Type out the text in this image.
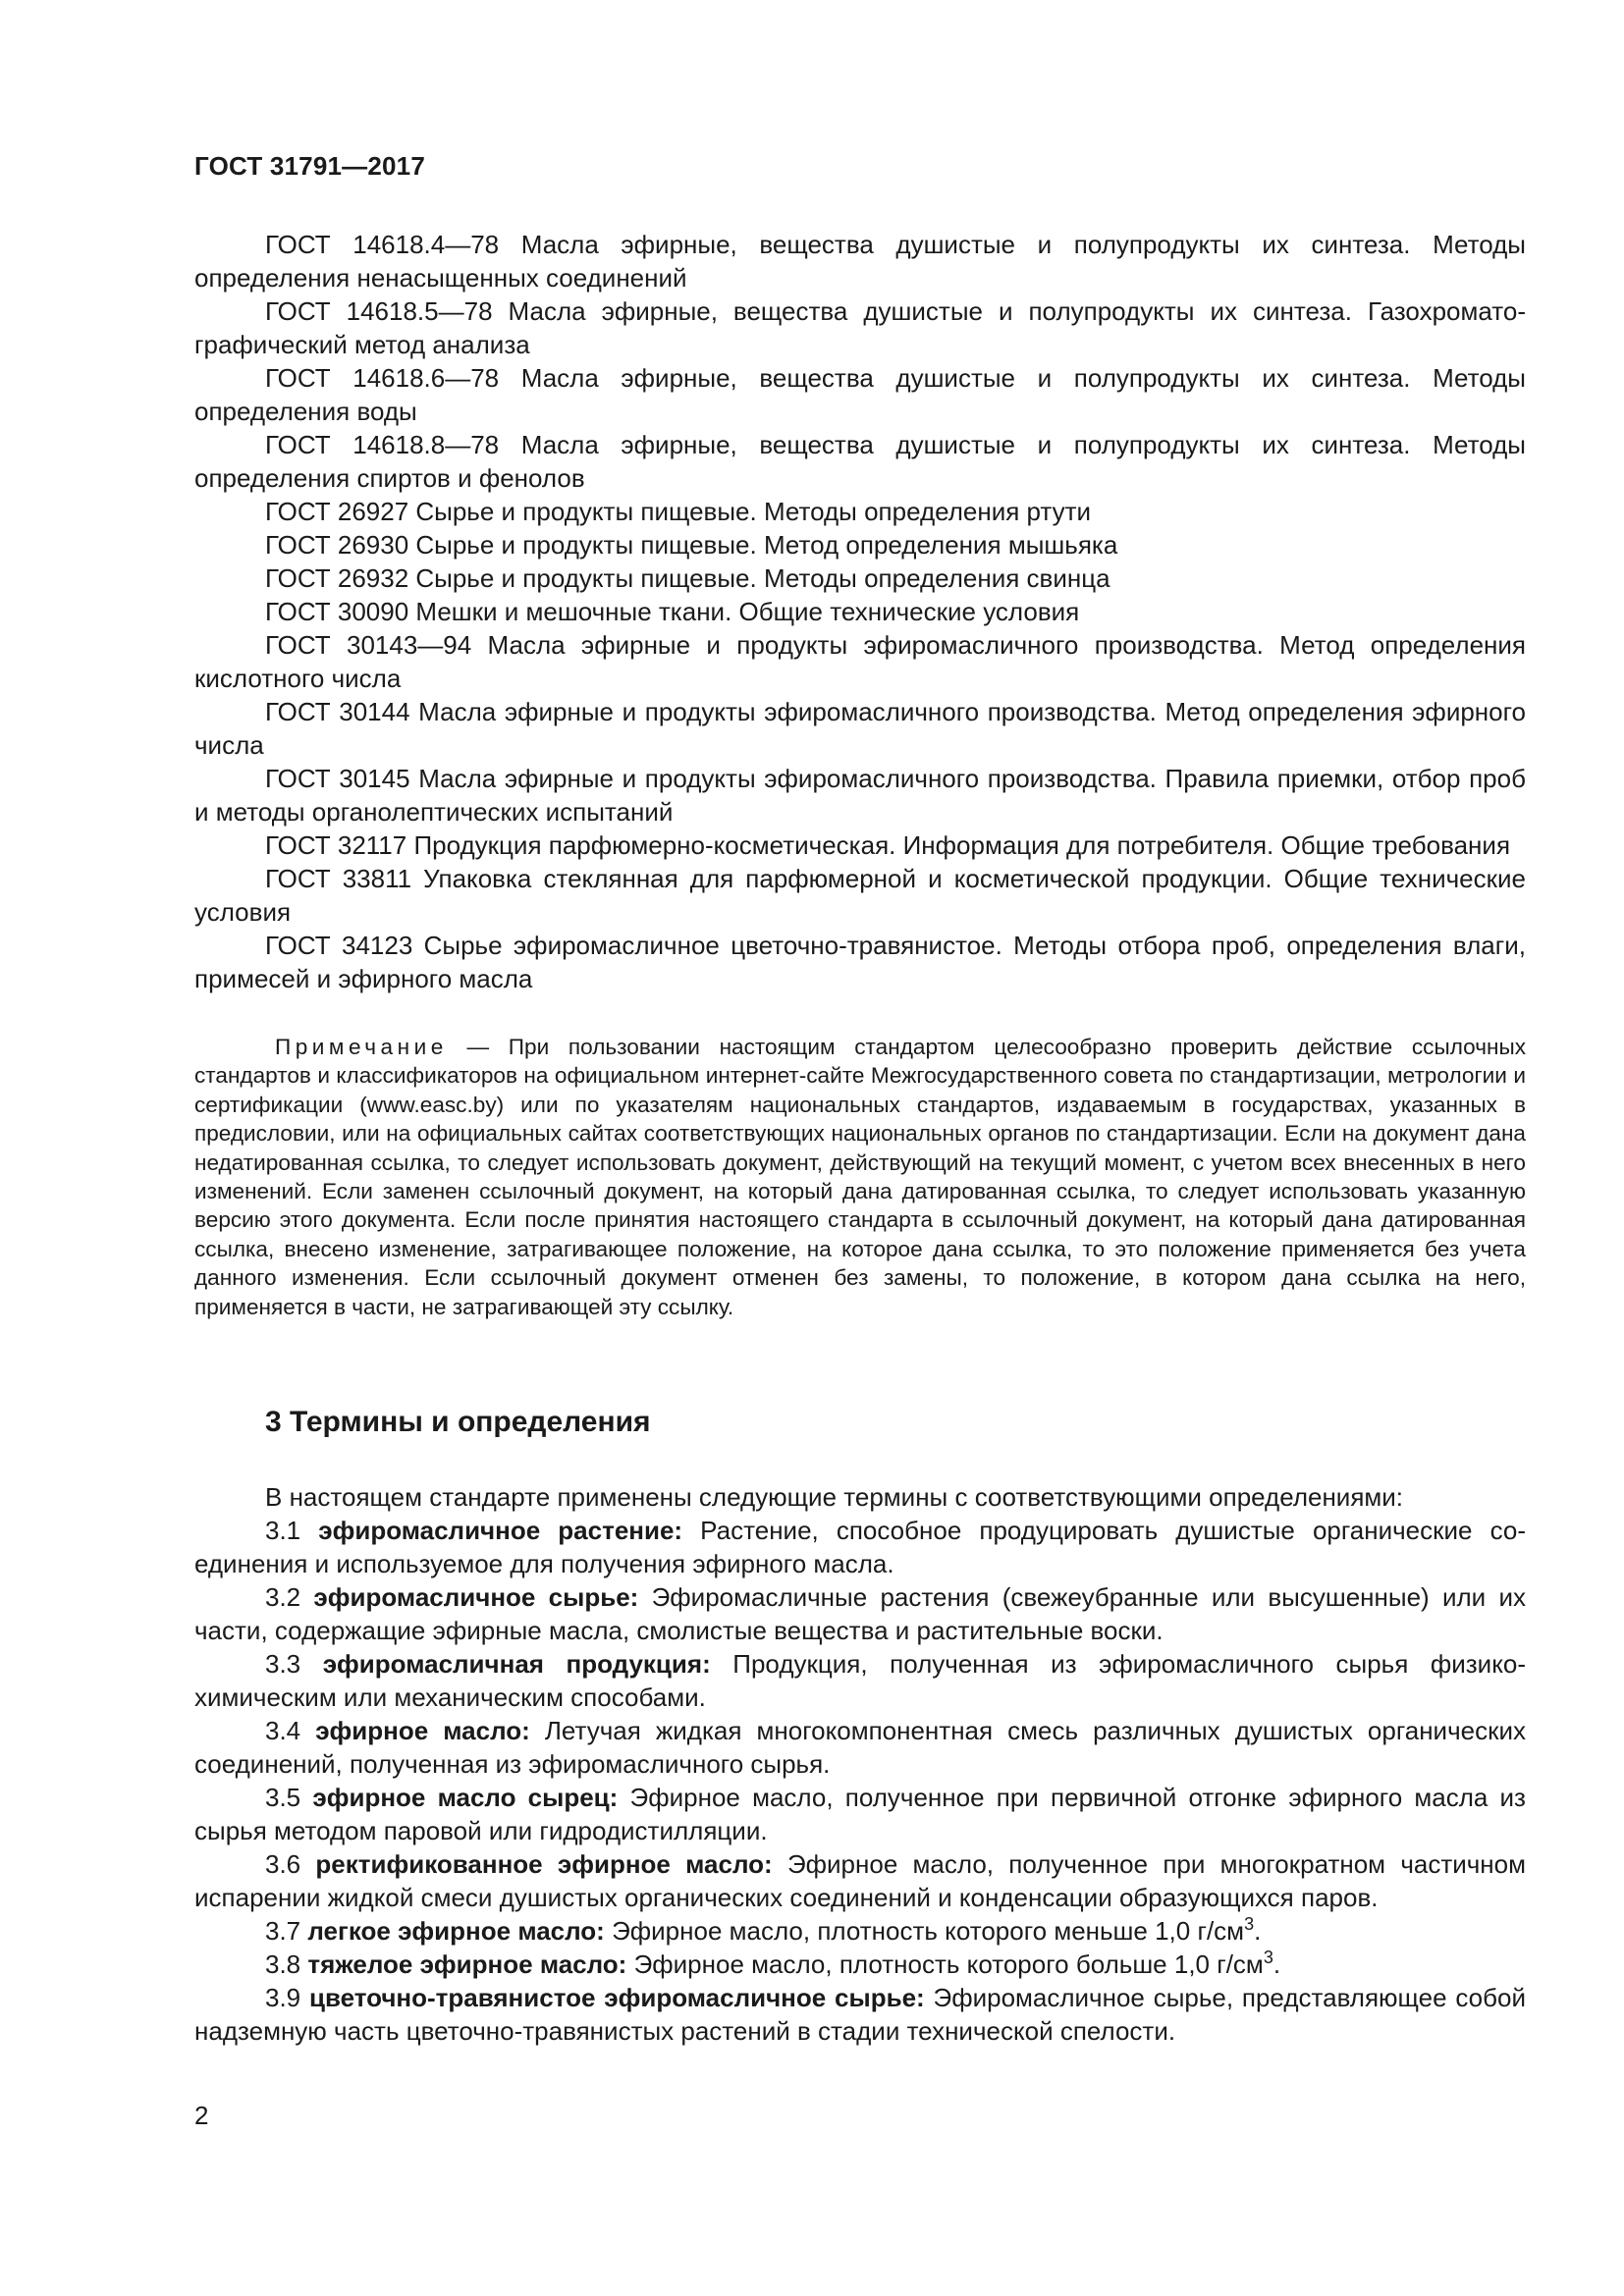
ГОСТ 31791—2017

ГОСТ 14618.4—78 Масла эфирные, вещества душистые и полупродукты их синтеза. Методы определения ненасыщенных соединений

ГОСТ 14618.5—78 Масла эфирные, вещества душистые и полупродукты их синтеза. Газохроматографический метод анализа

ГОСТ 14618.6—78 Масла эфирные, вещества душистые и полупродукты их синтеза. Методы определения воды

ГОСТ 14618.8—78 Масла эфирные, вещества душистые и полупродукты их синтеза. Методы определения спиртов и фенолов

ГОСТ 26927 Сырье и продукты пищевые. Методы определения ртути

ГОСТ 26930 Сырье и продукты пищевые. Метод определения мышьяка

ГОСТ 26932 Сырье и продукты пищевые. Методы определения свинца

ГОСТ 30090 Мешки и мешочные ткани. Общие технические условия

ГОСТ 30143—94 Масла эфирные и продукты эфиромасличного производства. Метод определения кислотного числа

ГОСТ 30144 Масла эфирные и продукты эфиромасличного производства. Метод определения эфирного числа

ГОСТ 30145 Масла эфирные и продукты эфиромасличного производства. Правила приемки, отбор проб и методы органолептических испытаний

ГОСТ 32117 Продукция парфюмерно-косметическая. Информация для потребителя. Общие требования

ГОСТ 33811 Упаковка стеклянная для парфюмерной и косметической продукции. Общие технические условия

ГОСТ 34123 Сырье эфиромасличное цветочно-травянистое. Методы отбора проб, определения влаги, примесей и эфирного масла

Примечание — При пользовании настоящим стандартом целесообразно проверить действие ссылочных стандартов и классификаторов на официальном интернет-сайте Межгосударственного совета по стандартизации, метрологии и сертификации (www.easc.by) или по указателям национальных стандартов, издаваемым в государствах, указанных в предисловии, или на официальных сайтах соответствующих национальных органов по стандартизации. Если на документ дана недатированная ссылка, то следует использовать документ, действующий на текущий момент, с учетом всех внесенных в него изменений. Если заменен ссылочный документ, на который дана датированная ссылка, то следует использовать указанную версию этого документа. Если после принятия настоящего стандарта в ссылочный документ, на который дана датированная ссылка, внесено изменение, затрагивающее положение, на которое дана ссылка, то это положение применяется без учета данного изменения. Если ссылочный документ отменен без замены, то положение, в котором дана ссылка на него, применяется в части, не затрагивающей эту ссылку.

3 Термины и определения

В настоящем стандарте применены следующие термины с соответствующими определениями:

3.1 эфиромасличное растение: Растение, способное продуцировать душистые органические соединения и используемое для получения эфирного масла.

3.2 эфиромасличное сырье: Эфиромасличные растения (свежеубранные или высушенные) или их части, содержащие эфирные масла, смолистые вещества и растительные воски.

3.3 эфиромасличная продукция: Продукция, полученная из эфиромасличного сырья физикохимическим или механическим способами.

3.4 эфирное масло: Летучая жидкая многокомпонентная смесь различных душистых органических соединений, полученная из эфиромасличного сырья.

3.5 эфирное масло сырец: Эфирное масло, полученное при первичной отгонке эфирного масла из сырья методом паровой или гидродистилляции.

3.6 ректификованное эфирное масло: Эфирное масло, полученное при многократном частичном испарении жидкой смеси душистых органических соединений и конденсации образующихся паров.

3.7 легкое эфирное масло: Эфирное масло, плотность которого меньше 1,0 $г/см^3$.

3.8 тяжелое эфирное масло: Эфирное масло, плотность которого больше 1,0 $г/см^3$.

3.9 цветочно-травянистое эфиромасличное сырье: Эфиромасличное сырье, представляющее собой надземную часть цветочно-травянистых растений в стадии технической спелости.

2
